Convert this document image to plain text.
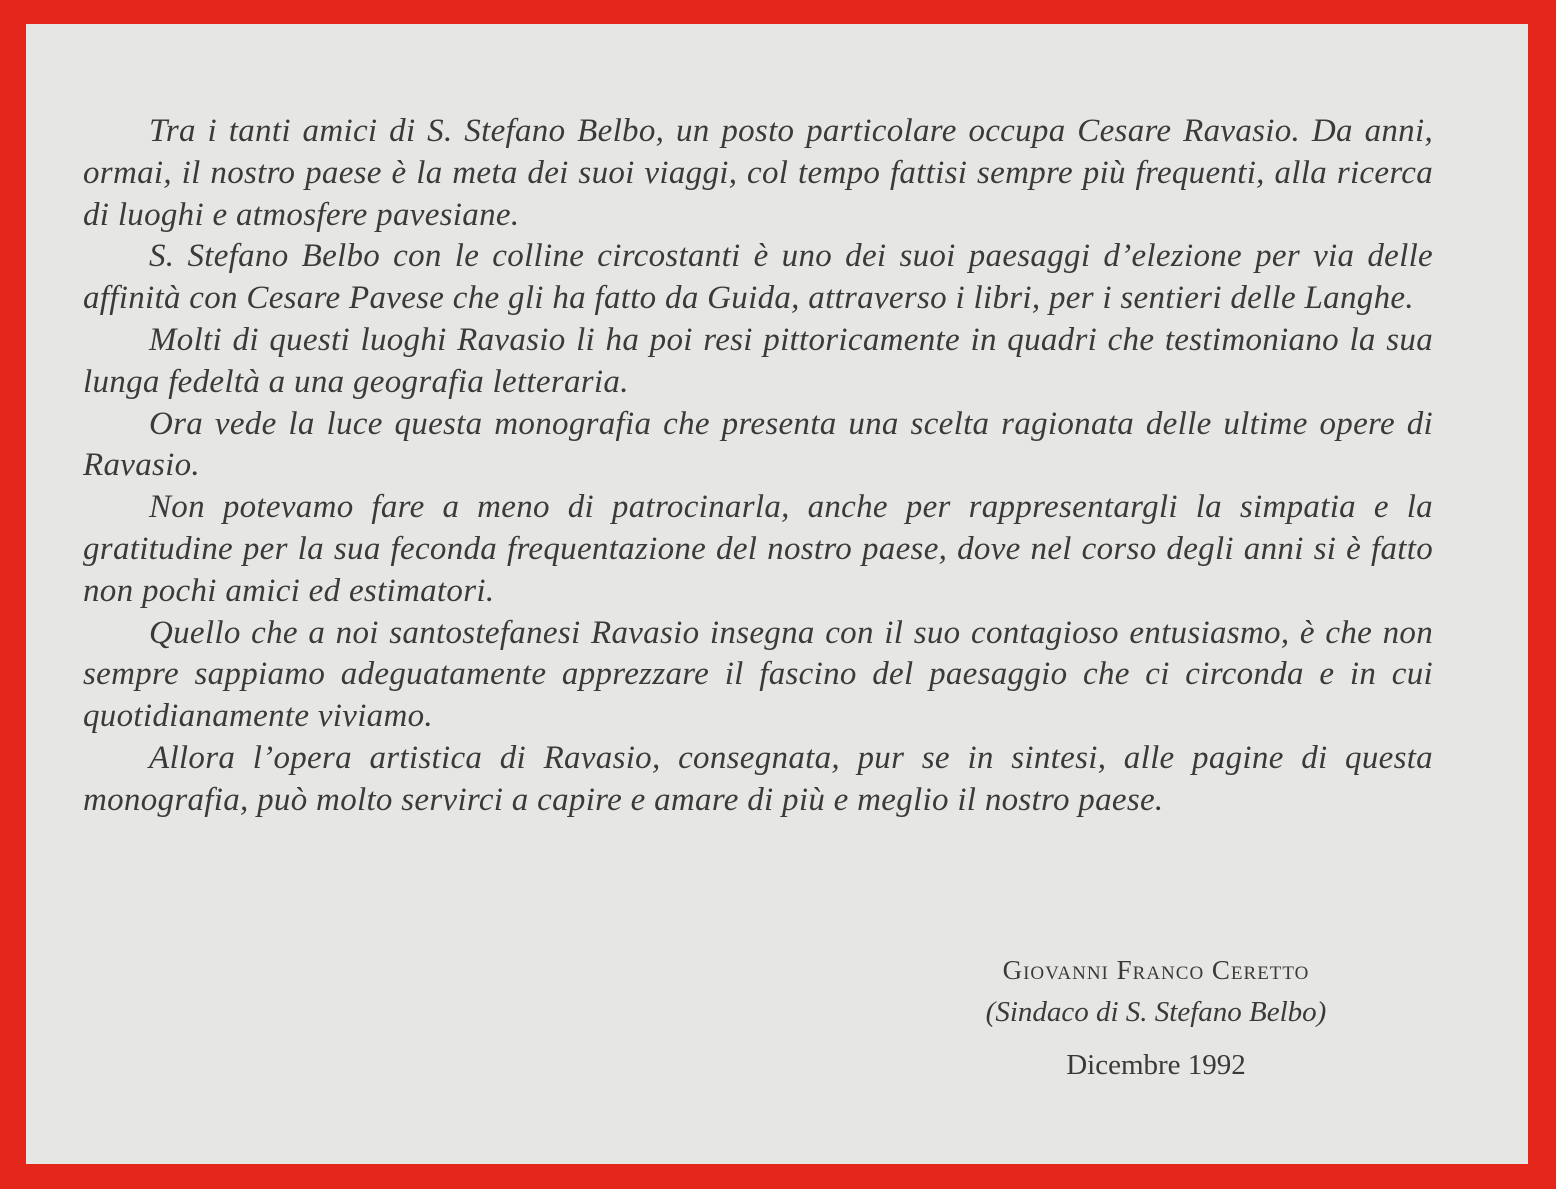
Tra i tanti amici di S. Stefano Belbo, un posto particolare occupa Cesare Ravasio. Da anni, ormai, il nostro paese è la meta dei suoi viaggi, col tempo fattisi sempre più frequenti, alla ricerca di luoghi e atmosfere pavesiane.

S. Stefano Belbo con le colline circostanti è uno dei suoi paesaggi d’elezione per via delle affinità con Cesare Pavese che gli ha fatto da Guida, attraverso i libri, per i sentieri delle Langhe.

Molti di questi luoghi Ravasio li ha poi resi pittoricamente in quadri che testimoniano la sua lunga fedeltà a una geografia letteraria.

Ora vede la luce questa monografia che presenta una scelta ragionata delle ultime opere di Ravasio.

Non potevamo fare a meno di patrocinarla, anche per rappresentargli la simpatia e la gratitudine per la sua feconda frequentazione del nostro paese, dove nel corso degli anni si è fatto non pochi amici ed estimatori.

Quello che a noi santostefanesi Ravasio insegna con il suo contagioso entusiasmo, è che non sempre sappiamo adeguatamente apprezzare il fascino del paesaggio che ci circonda e in cui quotidianamente viviamo.

Allora l’opera artistica di Ravasio, consegnata, pur se in sintesi, alle pagine di questa monografia, può molto servirci a capire e amare di più e meglio il nostro paese.

Giovanni Franco Ceretto
(Sindaco di S. Stefano Belbo)
Dicembre 1992
